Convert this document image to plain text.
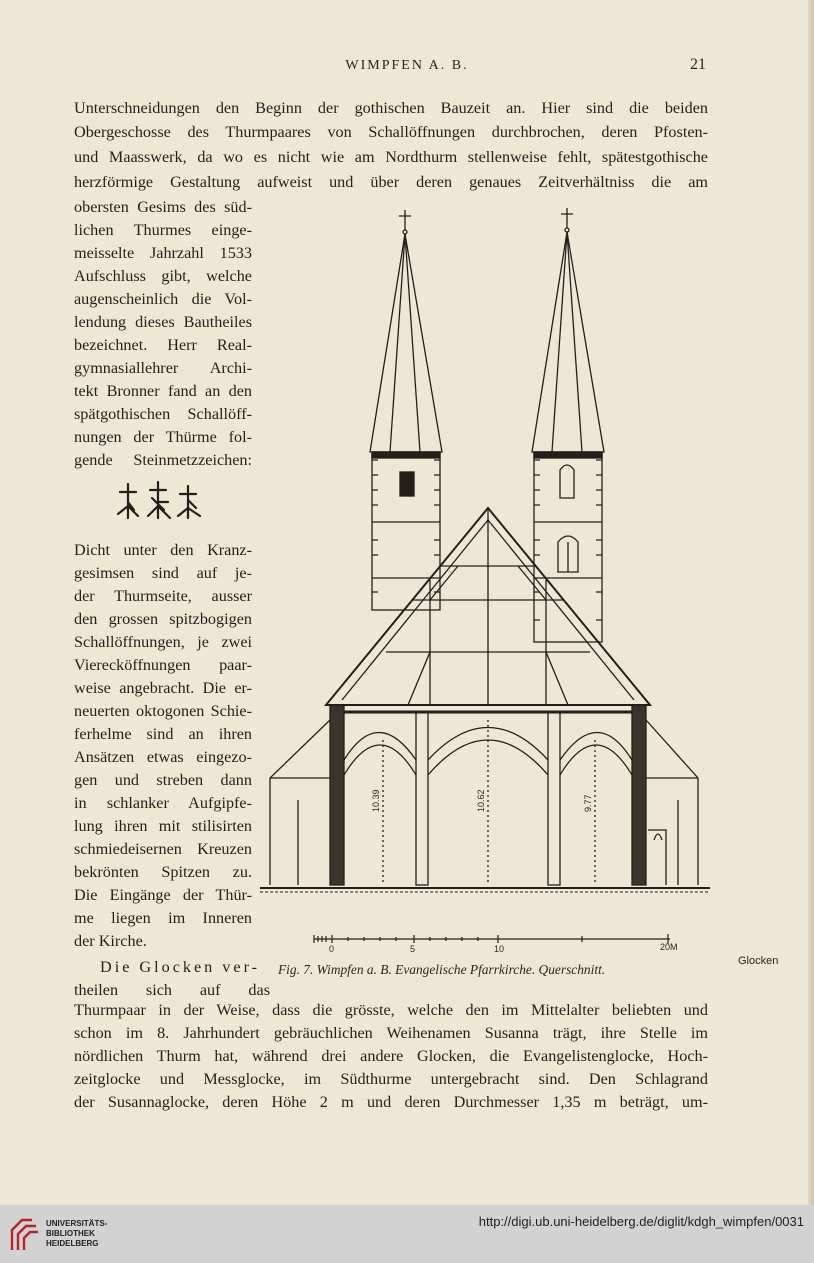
WIMPFEN A. B.	21
Unterschneidungen den Beginn der gothischen Bauzeit an. Hier sind die beiden
Obergeschosse des Thurmpaares von Schallöffnungen durchbrochen, deren Pfosten-
und Maasswerk, da wo es nicht wie am Nordthurm stellenweise fehlt, spätestgothische
herzförmige Gestaltung aufweist und über deren genaues Zeitverhältniss die am
obersten Gesims des süd-
lichen Thurmes einge-
meisselte Jahrzahl 1533
Aufschluss gibt, welche
augenscheinlich die Vol-
lendung dieses Bautheiles
bezeichnet. Herr Real-
gymnasiallehrer Archi-
tekt Bronner fand an den
spätgothischen Schallöff-
nungen der Thürme fol-
gende Steinmetzzeichen:
Dicht unter den Kranz-
gesimsen sind auf je-
der Thurmseite, ausser
den grossen spitzbogigen
Schallöffnungen, je zwei
Vierecköffnungen paar-
weise angebracht. Die er-
neuerten oktogonen Schie-
ferhelme sind an ihren
Ansätzen etwas eingezo-
gen und streben dann
in schlanker Aufgipfe-
lung ihren mit stilisirten
schmiedeisernen Kreuzen
bekrönten Spitzen zu.
Die Eingänge der Thür-
me liegen im Inneren
der Kirche.
Die Glocken ver-
theilen sich auf das
Thurmpaar in der Weise, dass die grösste, welche den im Mittelalter beliebten und
schon im 8. Jahrhundert gebräuchlichen Weihenamen Susanna trägt, ihre Stelle im
nördlichen Thurm hat, während drei andere Glocken, die Evangelistenglocke, Hoch-
zeitglocke und Messglocke, im Südthurme untergebracht sind. Den Schlagrand
der Susannaglocke, deren Höhe 2 m und deren Durchmesser 1,35 m beträgt, um-
10.39	10.62	9.77
0	5	10	20M
Fig. 7. Wimpfen a. B. Evangelische Pfarrkirche. Querschnitt.
Glocken
UNIVERSITÄTS-
BIBLIOTHEK
HEIDELBERG
http://digi.ub.uni-heidelberg.de/diglit/kdgh_wimpfen/0031
